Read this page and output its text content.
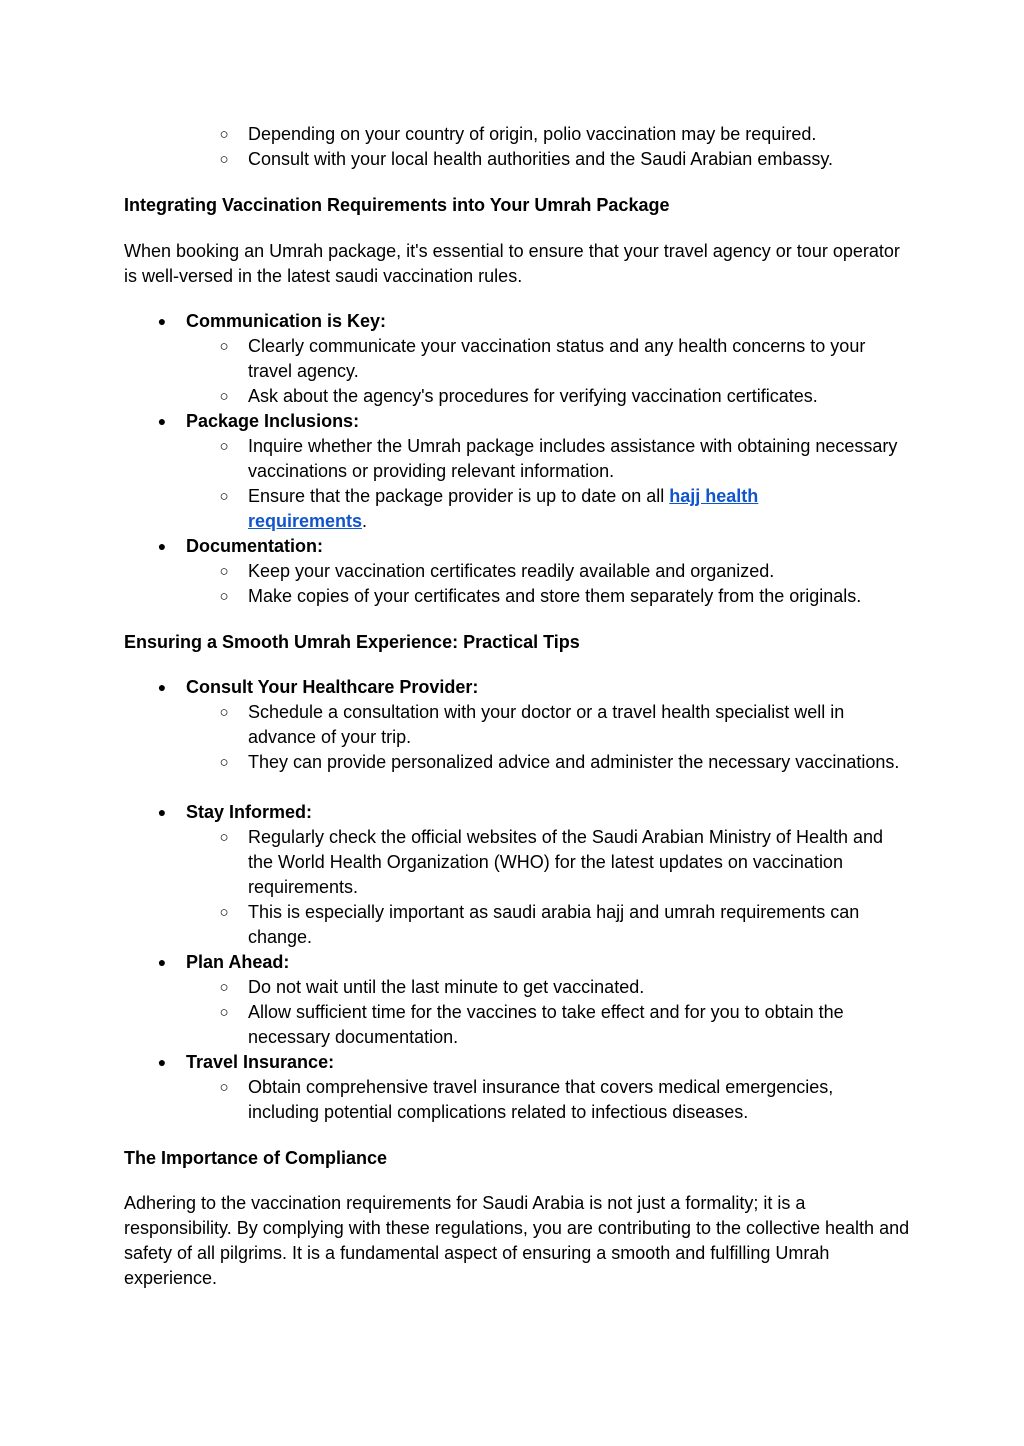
○ Depending on your country of origin, polio vaccination may be required.
○ Consult with your local health authorities and the Saudi Arabian embassy.
Integrating Vaccination Requirements into Your Umrah Package
When booking an Umrah package, it's essential to ensure that your travel agency or tour operator is well-versed in the latest saudi vaccination rules.
● Communication is Key:
○ Clearly communicate your vaccination status and any health concerns to your travel agency.
○ Ask about the agency's procedures for verifying vaccination certificates.
● Package Inclusions:
○ Inquire whether the Umrah package includes assistance with obtaining necessary vaccinations or providing relevant information.
○ Ensure that the package provider is up to date on all hajj health
requirements.
● Documentation:
○ Keep your vaccination certificates readily available and organized.
○ Make copies of your certificates and store them separately from the originals.
Ensuring a Smooth Umrah Experience: Practical Tips
● Consult Your Healthcare Provider:
○ Schedule a consultation with your doctor or a travel health specialist well in advance of your trip.
○ They can provide personalized advice and administer the necessary vaccinations.
● Stay Informed:
○ Regularly check the official websites of the Saudi Arabian Ministry of Health and the World Health Organization (WHO) for the latest updates on vaccination requirements.
○ This is especially important as saudi arabia hajj and umrah requirements can change.
● Plan Ahead:
○ Do not wait until the last minute to get vaccinated.
○ Allow sufficient time for the vaccines to take effect and for you to obtain the necessary documentation.
● Travel Insurance:
○ Obtain comprehensive travel insurance that covers medical emergencies, including potential complications related to infectious diseases.
The Importance of Compliance
Adhering to the vaccination requirements for Saudi Arabia is not just a formality; it is a responsibility. By complying with these regulations, you are contributing to the collective health and safety of all pilgrims. It is a fundamental aspect of ensuring a smooth and fulfilling Umrah experience.
